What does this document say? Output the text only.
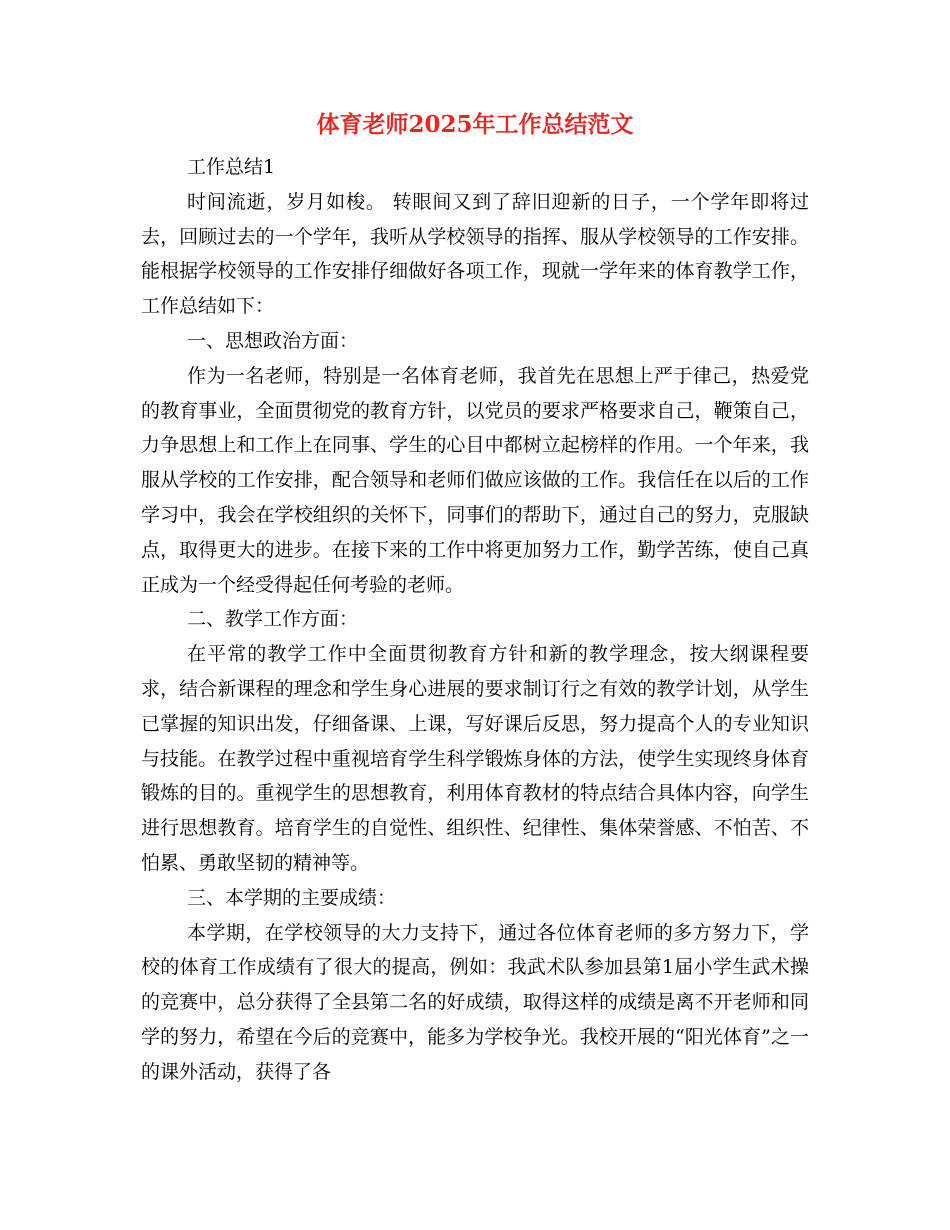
体育老师2025年工作总结范文

工作总结1

时间流逝，岁月如梭。 转眼间又到了辞旧迎新的日子，一个学年即将过去，回顾过去的一个学年，我听从学校领导的指挥、服从学校领导的工作安排。能根据学校领导的工作安排仔细做好各项工作，现就一学年来的体育教学工作，工作总结如下：

一、思想政治方面：

作为一名老师，特别是一名体育老师，我首先在思想上严于律己，热爱党的教育事业，全面贯彻党的教育方针，以党员的要求严格要求自己，鞭策自己，力争思想上和工作上在同事、学生的心目中都树立起榜样的作用。一个年来，我服从学校的工作安排，配合领导和老师们做应该做的工作。我信任在以后的工作学习中，我会在学校组织的关怀下，同事们的帮助下，通过自己的努力，克服缺点，取得更大的进步。在接下来的工作中将更加努力工作，勤学苦练，使自己真正成为一个经受得起任何考验的老师。

二、教学工作方面：

在平常的教学工作中全面贯彻教育方针和新的教学理念，按大纲课程要求，结合新课程的理念和学生身心进展的要求制订行之有效的教学计划，从学生已掌握的知识出发，仔细备课、上课，写好课后反思，努力提高个人的专业知识与技能。在教学过程中重视培育学生科学锻炼身体的方法，使学生实现终身体育锻炼的目的。重视学生的思想教育，利用体育教材的特点结合具体内容，向学生进行思想教育。培育学生的自觉性、组织性、纪律性、集体荣誉感、不怕苦、不怕累、勇敢坚韧的精神等。

三、本学期的主要成绩：

本学期，在学校领导的大力支持下，通过各位体育老师的多方努力下，学校的体育工作成绩有了很大的提高，例如：我武术队参加县第1届小学生武术操的竞赛中，总分获得了全县第二名的好成绩，取得这样的成绩是离不开老师和同学的努力，希望在今后的竞赛中，能多为学校争光。我校开展的“阳光体育”之一的课外活动，获得了各
